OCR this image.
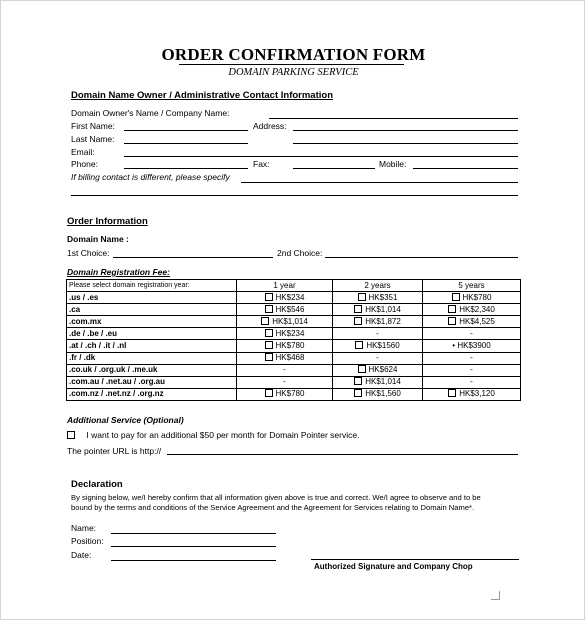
ORDER CONFIRMATION FORM
DOMAIN PARKING SERVICE
Domain Name Owner / Administrative Contact Information
Domain Owner's Name / Company Name:
First Name:	Address:
Last Name:
Email:
Phone:	Fax:	Mobile:
If billing contact is different, please specify
Order Information
Domain Name :
1st Choice:	2nd Choice:
Domain Registration Fee:
Please select domain registration year:	1 year	2 years	5 years
.us / .es	HK$234	HK$351	HK$780
.ca	HK$546	HK$1,014	HK$2,340
.com.mx	HK$1,014	HK$1,872	HK$4,525
.de / .be / .eu	HK$234	-	-
.at / .ch / .it / .nl	HK$780	HK$1560	• HK$3900
.fr / .dk	HK$468	-	-
.co.uk / .org.uk / .me.uk	-	HK$624	-
.com.au / .net.au / .org.au	-	HK$1,014	-
.com.nz / .net.nz / .org.nz	HK$780	HK$1,560	HK$3,120
Additional Service (Optional)
I want to pay for an additional $50 per month for Domain Pointer service.
The pointer URL is http://
Declaration
By signing below, we/I hereby confirm that all information given above is true and correct. We/I agree to observe and to be
bound by the terms and conditions of the Service Agreement and the Agreement for Services relating to Domain Name*.
Name:
Position:
Date:
Authorized Signature and Company Chop
